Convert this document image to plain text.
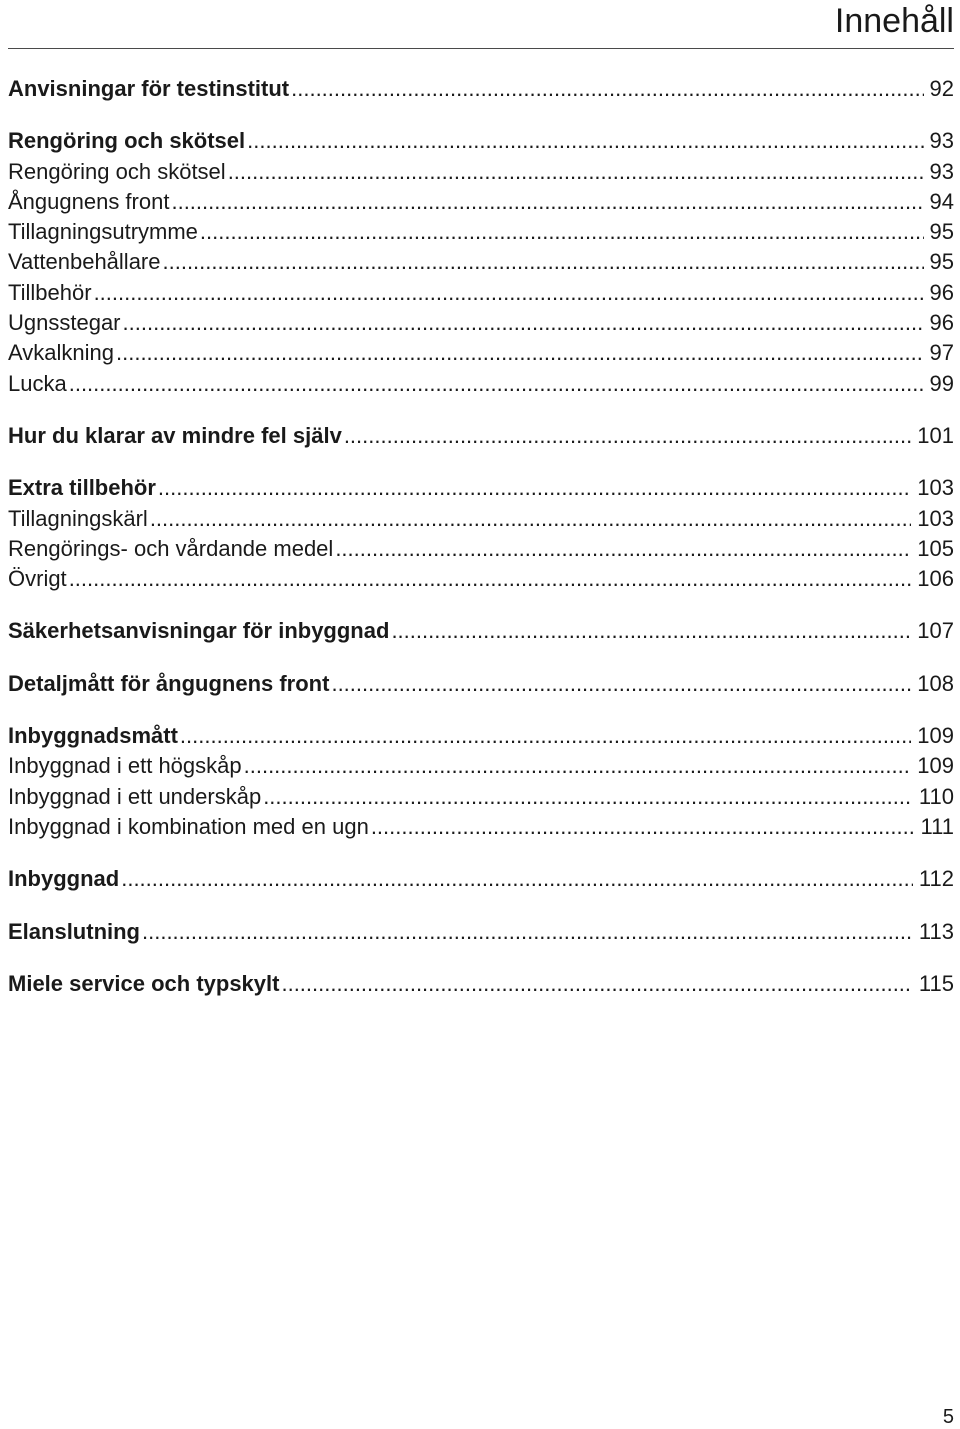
Innehåll
Anvisningar för testinstitut .....	92
Rengöring och skötsel .....	93
Rengöring och skötsel .....	93
Ångugnens front .....	94
Tillagningsutrymme .....	95
Vattenbehållare .....	95
Tillbehör .....	96
Ugnsstegar .....	96
Avkalkning .....	97
Lucka .....	99
Hur du klarar av mindre fel själv .....	101
Extra tillbehör .....	103
Tillagningskärl .....	103
Rengörings- och vårdande medel .....	105
Övrigt .....	106
Säkerhetsanvisningar för inbyggnad .....	107
Detaljmått för ångugnens front .....	108
Inbyggnadsmått .....	109
Inbyggnad i ett högskåp .....	109
Inbyggnad i ett underskåp .....	110
Inbyggnad i kombination med en ugn .....	111
Inbyggnad .....	112
Elanslutning .....	113
Miele service och typskylt .....	115
5
